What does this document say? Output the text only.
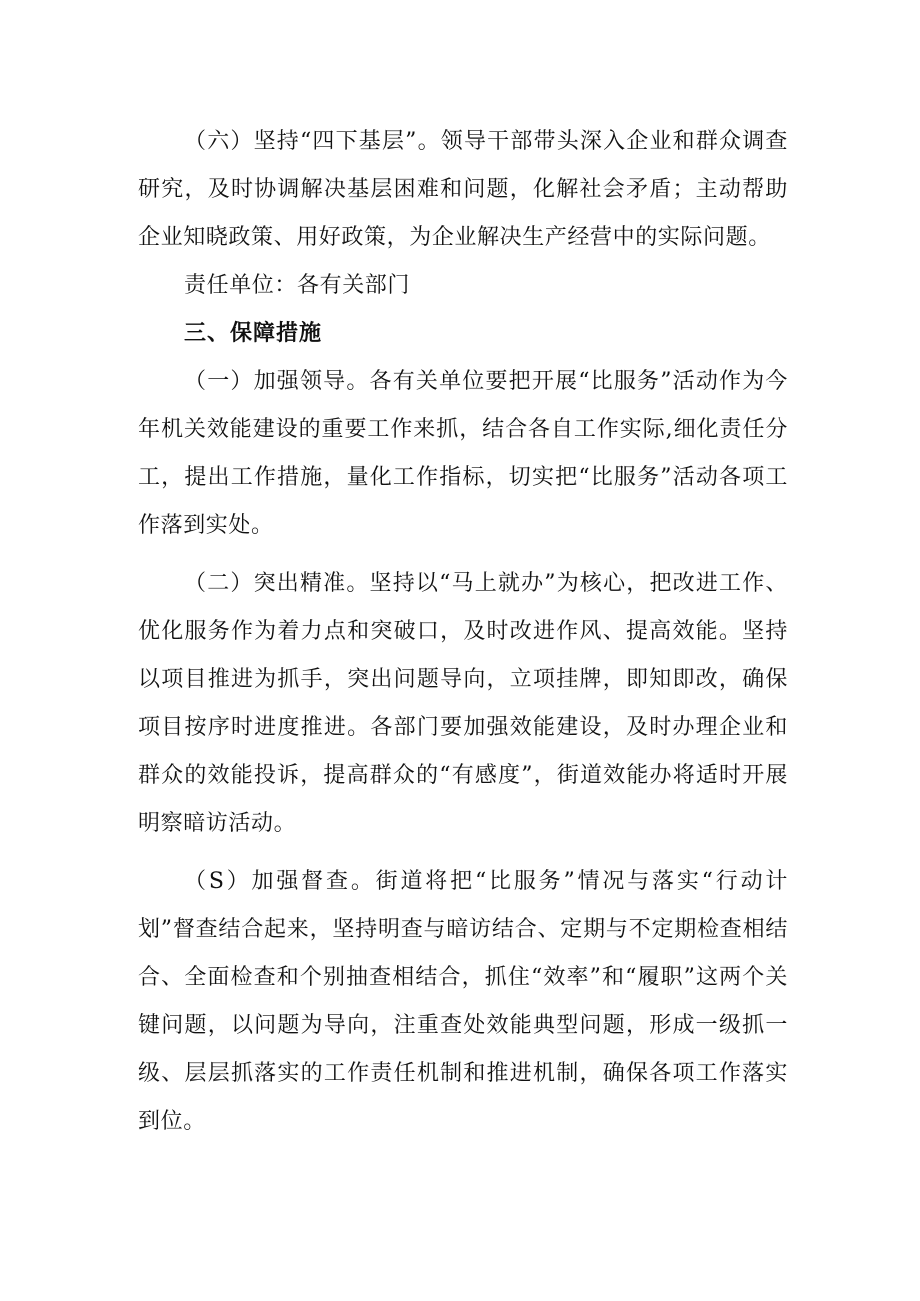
（六）坚持“四下基层”。领导干部带头深入企业和群众调查研究，及时协调解决基层困难和问题，化解社会矛盾；主动帮助企业知晓政策、用好政策，为企业解决生产经营中的实际问题。

责任单位：各有关部门

三、保障措施

（一）加强领导。各有关单位要把开展“比服务”活动作为今年机关效能建设的重要工作来抓，结合各自工作实际,细化责任分工，提出工作措施，量化工作指标，切实把“比服务”活动各项工作落到实处。

（二）突出精准。坚持以“马上就办”为核心，把改进工作、优化服务作为着力点和突破口，及时改进作风、提高效能。坚持以项目推进为抓手，突出问题导向，立项挂牌，即知即改，确保项目按序时进度推进。各部门要加强效能建设，及时办理企业和群众的效能投诉，提高群众的“有感度”，街道效能办将适时开展明察暗访活动。

（S）加强督查。街道将把“比服务”情况与落实“行动计划”督查结合起来，坚持明查与暗访结合、定期与不定期检查相结合、全面检查和个别抽查相结合，抓住“效率”和“履职”这两个关键问题，以问题为导向，注重查处效能典型问题，形成一级抓一级、层层抓落实的工作责任机制和推进机制，确保各项工作落实到位。
